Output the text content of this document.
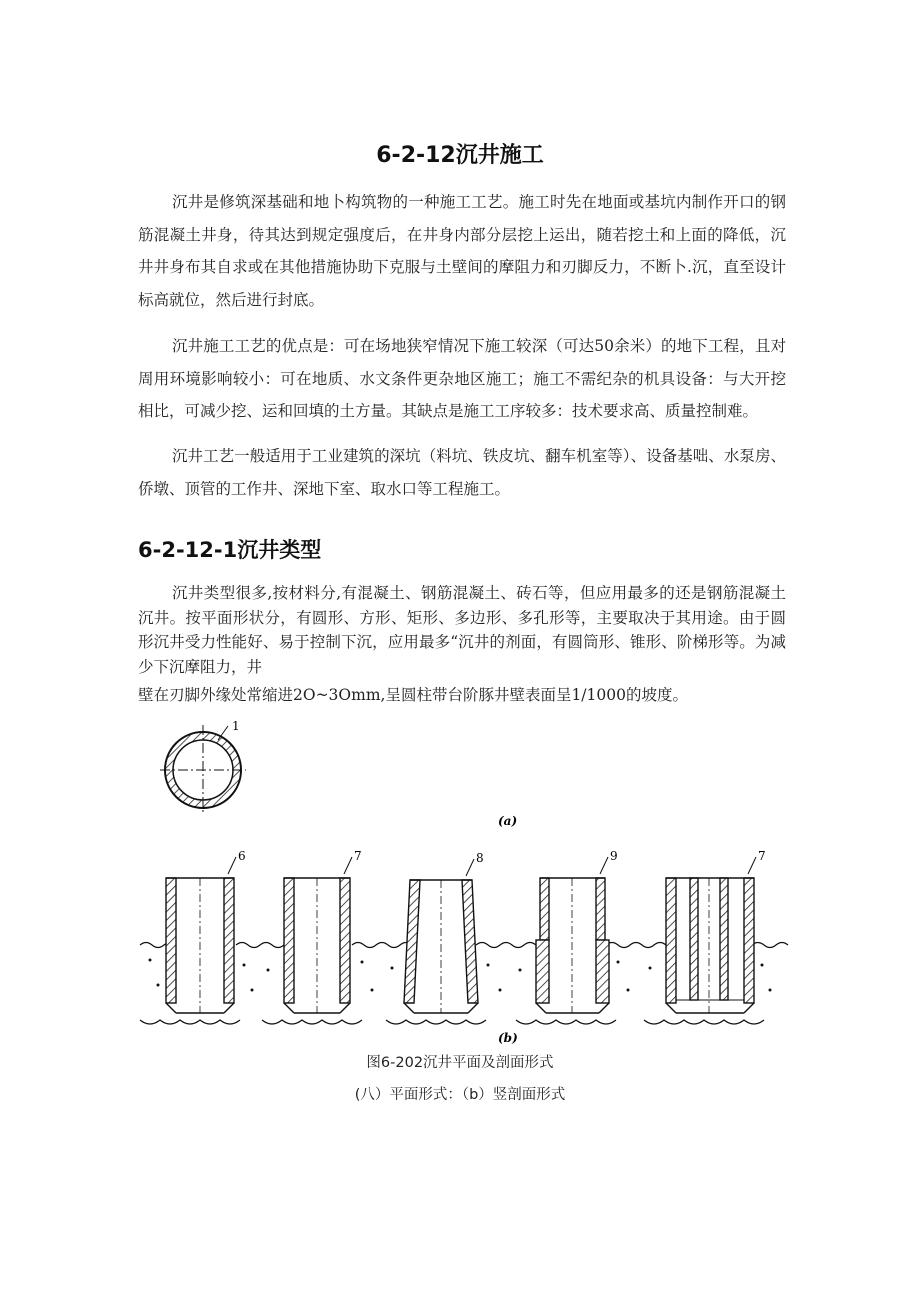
6-2-12沉井施工

沉井是修筑深基础和地卜构筑物的一种施工工艺。施工时先在地面或基坑内制作开口的钢筋混凝土井身，待其达到规定强度后，在井身内部分层挖上运出，随若挖土和上面的降低，沉井井身布其自求或在其他措施协助下克服与土壁间的摩阻力和刃脚反力，不断卜.沉，直至设计标高就位，然后进行封底。

沉井施工工艺的优点是：可在场地狭窄情况下施工较深（可达50余米）的地下工程，且对周用环境影响较小：可在地质、水文条件更杂地区施工；施工不需纪杂的机具设备：与大开挖相比，可减少挖、运和回填的土方量。其缺点是施工工序较多：技术要求高、质量控制难。

沉井工艺一般适用于工业建筑的深坑（料坑、铁皮坑、翻车机室等）、设备基咄、水泵房、侨墩、顶管的工作井、深地下室、取水口等工程施工。

6-2-12-1沉井类型

沉井类型很多,按材料分,有混凝土、钢筋混凝土、砖石等，但应用最多的还是钢筋混凝土沉井。按平面形状分，有圆形、方形、矩形、多边形、多孔形等，主要取决于其用途。由于圆形沉井受力性能好、易于控制下沉，应用最多“沉井的剂面，有圆筒形、锥形、阶梯形等。为减少下沉摩阻力，井

壁在刃脚外缘处常缩进2O~3Omm,呈圆柱带台阶豚井壁表面呈1/1000的坡度。
1
(a)
6	7	8	9	7
(b)
图6-202沉井平面及剖面形式
(八）平面形式：（b）竖剖面形式
